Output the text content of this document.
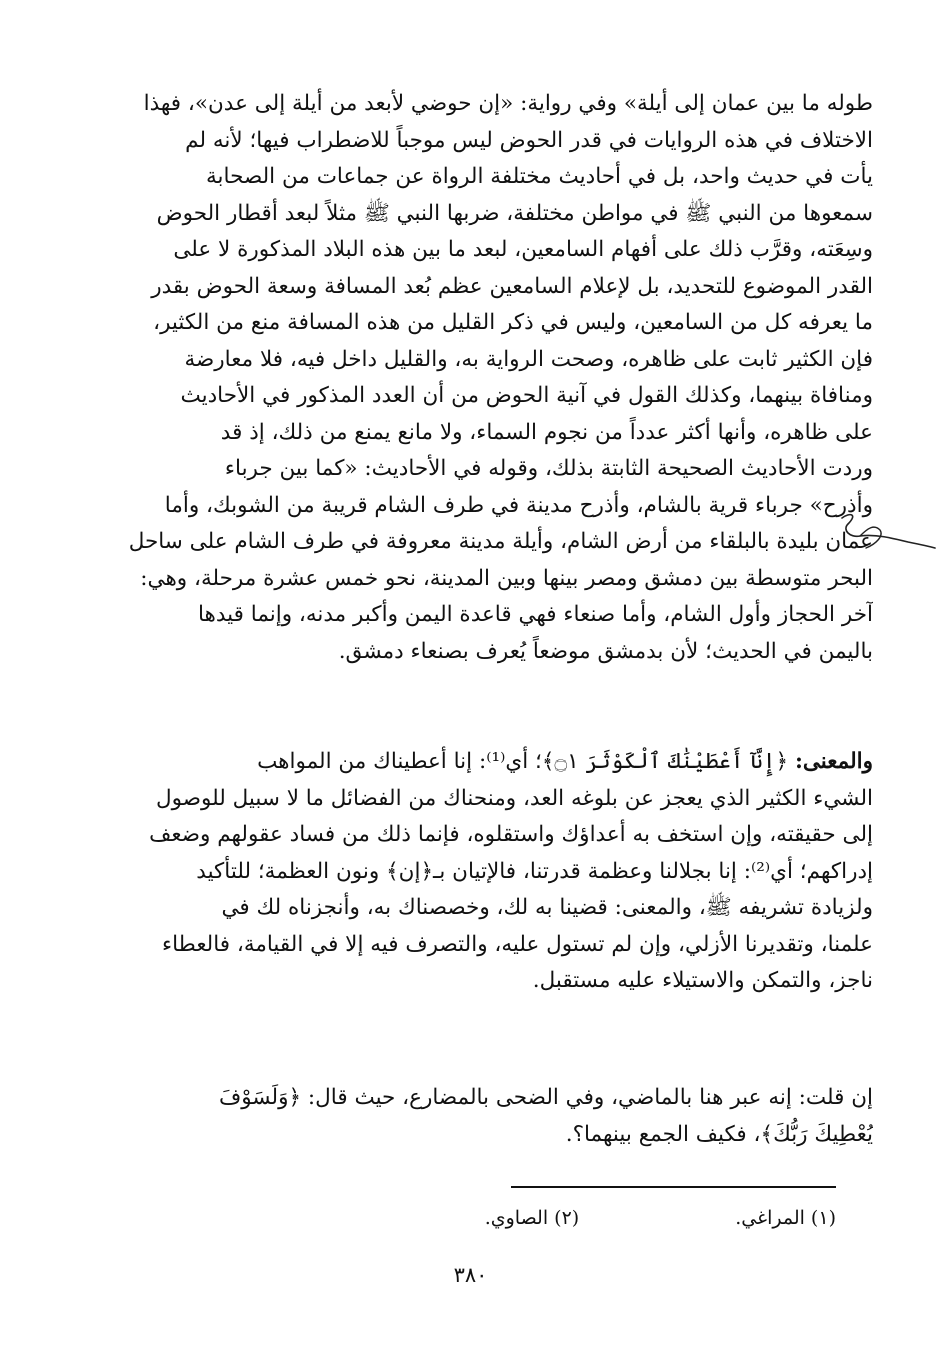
طوله ما بين عمان إلى أيلة» وفي رواية: «إن حوضي لأبعد من أيلة إلى عدن»، فهذا
الاختلاف في هذه الروايات في قدر الحوض ليس موجباً للاضطراب فيها؛ لأنه لم
يأت في حديث واحد، بل في أحاديث مختلفة الرواة عن جماعات من الصحابة
سمعوها من النبي ﷺ في مواطن مختلفة، ضربها النبي ﷺ مثلاً لبعد أقطار الحوض
وسِعَته، وقرَّب ذلك على أفهام السامعين، لبعد ما بين هذه البلاد المذكورة لا على
القدر الموضوع للتحديد، بل لإعلام السامعين عظم بُعد المسافة وسعة الحوض بقدر
ما يعرفه كل من السامعين، وليس في ذكر القليل من هذه المسافة منع من الكثير،
فإن الكثير ثابت على ظاهره، وصحت الرواية به، والقليل داخل فيه، فلا معارضة
ومنافاة بينهما، وكذلك القول في آنية الحوض من أن العدد المذكور في الأحاديث
على ظاهره، وأنها أكثر عدداً من نجوم السماء، ولا مانع يمنع من ذلك، إذ قد
وردت الأحاديث الصحيحة الثابتة بذلك، وقوله في الأحاديث: «كما بين جرباء
وأذرح» جرباء قرية بالشام، وأذرح مدينة في طرف الشام قريبة من الشوبك، وأما
عمان بليدة بالبلقاء من أرض الشام، وأيلة مدينة معروفة في طرف الشام على ساحل
البحر متوسطة بين دمشق ومصر بينها وبين المدينة، نحو خمس عشرة مرحلة، وهي:
آخر الحجاز وأول الشام، وأما صنعاء فهي قاعدة اليمن وأكبر مدنه، وإنما قيدها
باليمن في الحديث؛ لأن بدمشق موضعاً يُعرف بصنعاء دمشق.
والمعنى: ﴿إِنَّآ أَعْطَيْنَٰكَ ٱلْكَوْثَرَ ۝١﴾؛ أي⁽¹⁾: إنا أعطيناك من المواهب
الشيء الكثير الذي يعجز عن بلوغه العد، ومنحناك من الفضائل ما لا سبيل للوصول
إلى حقيقته، وإن استخف به أعداؤك واستقلوه، فإنما ذلك من فساد عقولهم وضعف
إدراكهم؛ أي⁽²⁾: إنا بجلالنا وعظمة قدرتنا، فالإتيان بـ﴿إن﴾ ونون العظمة؛ للتأكيد
ولزيادة تشريفه ﷺ، والمعنى: قضينا به لك، وخصصناك به، وأنجزناه لك في
علمنا، وتقديرنا الأزلي، وإن لم تستول عليه، والتصرف فيه إلا في القيامة، فالعطاء
ناجز، والتمكن والاستيلاء عليه مستقبل.
إن قلت: إنه عبر هنا بالماضي، وفي الضحى بالمضارع، حيث قال: ﴿وَلَسَوْفَ
يُعْطِيكَ رَبُّكَ﴾، فكيف الجمع بينهما؟.
(١) المراغي. (٢) الصاوي.
٣٨٠
